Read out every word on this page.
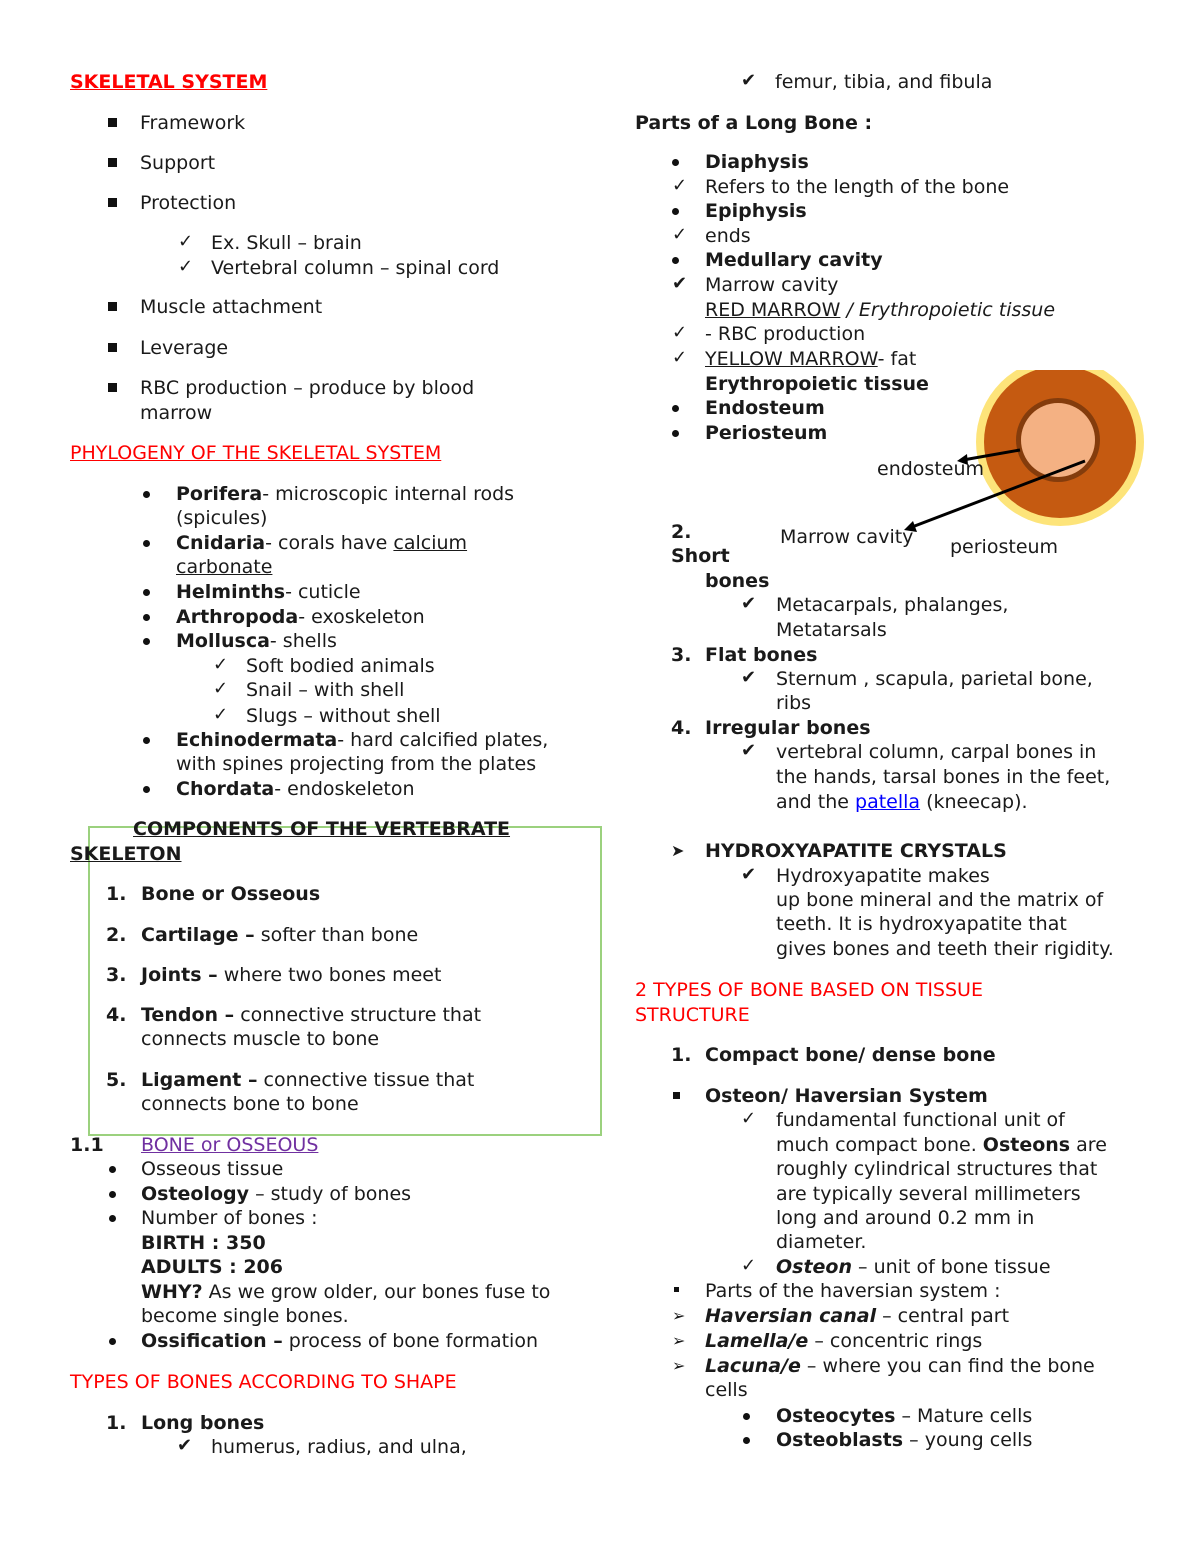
SKELETAL SYSTEM
Framework
Support
Protection
✓ Ex. Skull – brain
✓ Vertebral column – spinal cord
Muscle attachment
Leverage
RBC production – produce by blood
marrow
PHYLOGENY OF THE SKELETAL SYSTEM
Porifera- microscopic internal rods
(spicules)
Cnidaria- corals have calcium
carbonate
Helminths- cuticle
Arthropoda- exoskeleton
Mollusca- shells
✓ Soft bodied animals
✓ Snail – with shell
✓ Slugs – without shell
Echinodermata- hard calcified plates,
with spines projecting from the plates
Chordata- endoskeleton
COMPONENTS OF THE VERTEBRATE
SKELETON
1. Bone or Osseous
2. Cartilage – softer than bone
3. Joints – where two bones meet
4. Tendon – connective structure that
connects muscle to bone
5. Ligament – connective tissue that
connects bone to bone
1.1 BONE or OSSEOUS
Osseous tissue
Osteology – study of bones
Number of bones :
BIRTH : 350
ADULTS : 206
WHY? As we grow older, our bones fuse to
become single bones.
Ossification – process of bone formation
TYPES OF BONES ACCORDING TO SHAPE
1. Long bones
✔ humerus, radius, and ulna,
✔ femur, tibia, and fibula
Parts of a Long Bone :
Diaphysis
✓ Refers to the length of the bone
Epiphysis
✓ ends
Medullary cavity
✔ Marrow cavity
RED MARROW / Erythropoietic tissue
✓ - RBC production
✓ YELLOW MARROW- fat
Erythropoietic tissue
Endosteum
Periosteum
endosteum
Marrow cavity periosteum
2.
Short
bones
✔ Metacarpals, phalanges,
Metatarsals
3. Flat bones
✔ Sternum , scapula, parietal bone,
ribs
4. Irregular bones
✔ vertebral column, carpal bones in
the hands, tarsal bones in the feet,
and the patella (kneecap).
➤ HYDROXYAPATITE CRYSTALS
✔ Hydroxyapatite makes
up bone mineral and the matrix of
teeth. It is hydroxyapatite that
gives bones and teeth their rigidity.
2 TYPES OF BONE BASED ON TISSUE
STRUCTURE
1. Compact bone/ dense bone
Osteon/ Haversian System
✓ fundamental functional unit of
much compact bone. Osteons are
roughly cylindrical structures that
are typically several millimeters
long and around 0.2 mm in
diameter.
✓ Osteon – unit of bone tissue
Parts of the haversian system :
➢ Haversian canal – central part
➢ Lamella/e – concentric rings
➢ Lacuna/e – where you can find the bone
cells
Osteocytes – Mature cells
Osteoblasts – young cells
